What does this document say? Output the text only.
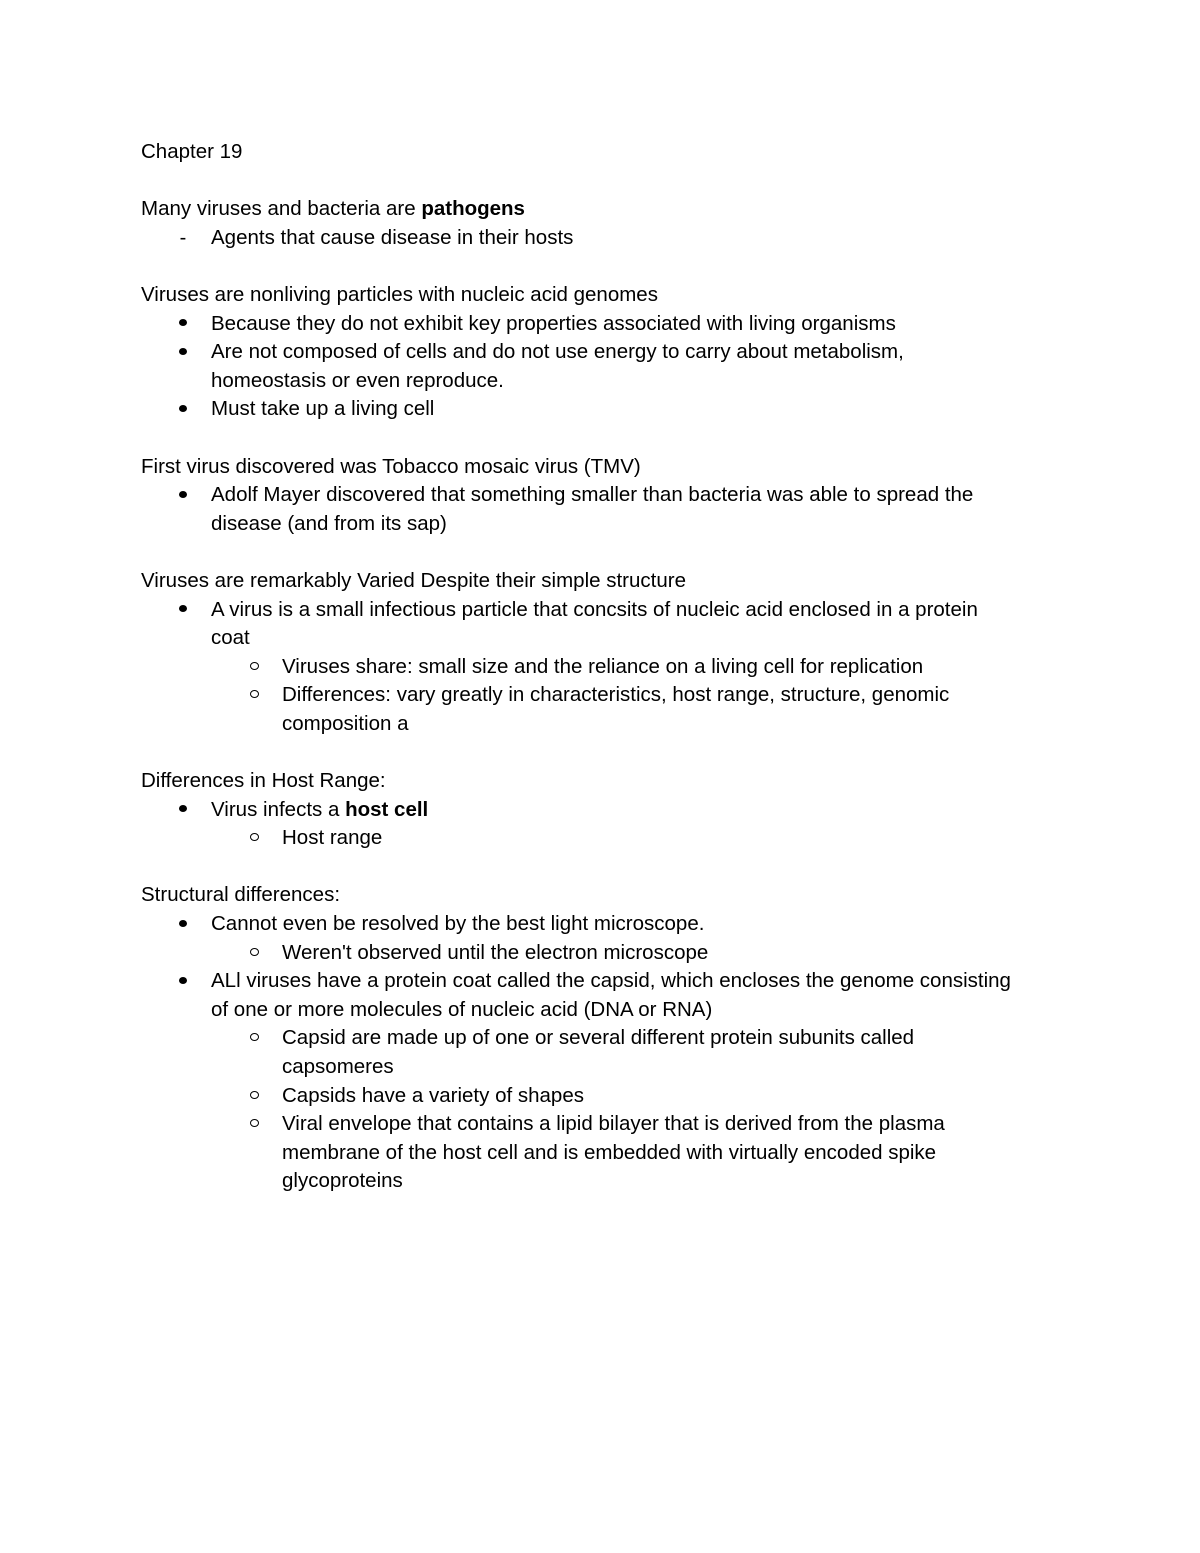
Chapter 19

Many viruses and bacteria are pathogens

-	Agents that cause disease in their hosts

Viruses are nonliving particles with nucleic acid genomes

Because they do not exhibit key properties associated with living organisms
Are not composed of cells and do not use energy to carry about metabolism,
homeostasis or even reproduce.
Must take up a living cell

First virus discovered was Tobacco mosaic virus (TMV)

Adolf Mayer discovered that something smaller than bacteria was able to spread the
disease (and from its sap)

Viruses are remarkably Varied Despite their simple structure

A virus is a small infectious particle that concsits of nucleic acid enclosed in a protein
coat
Viruses share: small size and the reliance on a living cell for replication
Differences: vary greatly in characteristics, host range, structure, genomic
composition a

Differences in Host Range:

Virus infects a host cell
Host range

Structural differences:

Cannot even be resolved by the best light microscope.
Weren't observed until the electron microscope
ALl viruses have a protein coat called the capsid, which encloses the genome consisting
of one or more molecules of nucleic acid (DNA or RNA)
Capsid are made up of one or several different protein subunits called
capsomeres
Capsids have a variety of shapes
Viral envelope that contains a lipid bilayer that is derived from the plasma
membrane of the host cell and is embedded with virtually encoded spike
glycoproteins
